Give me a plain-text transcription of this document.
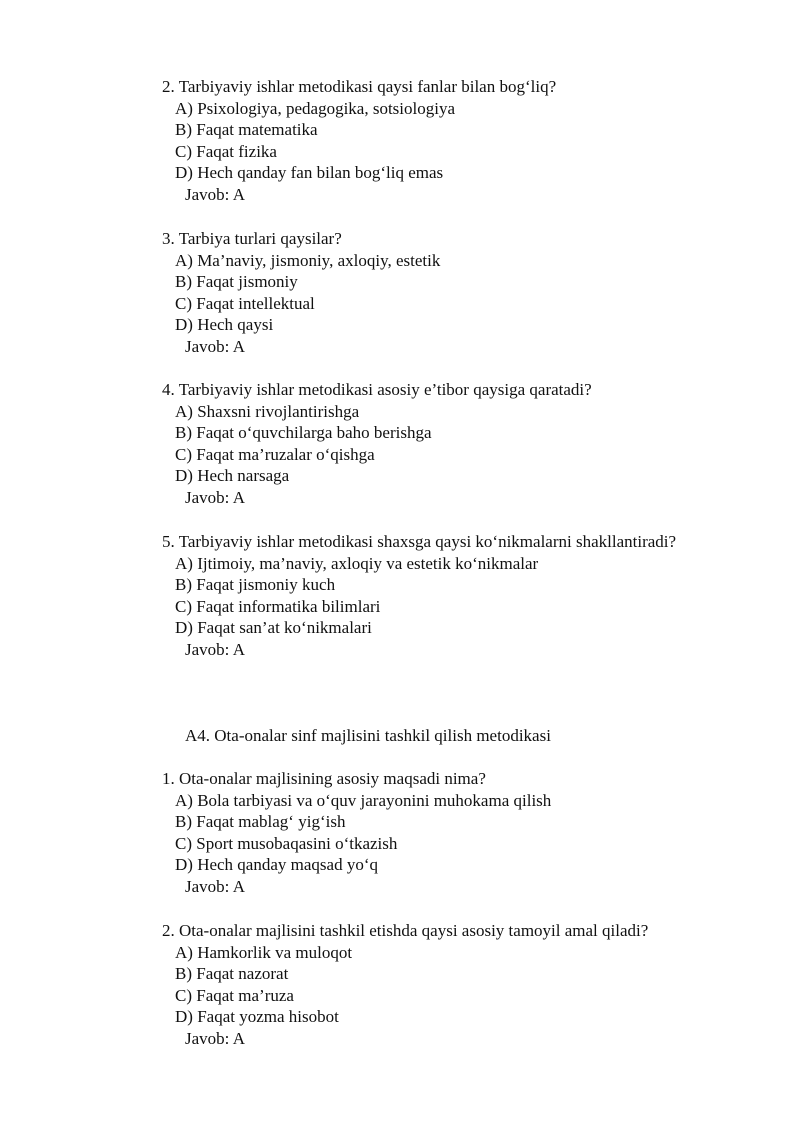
2. Tarbiyaviy ishlar metodikasi qaysi fanlar bilan bog‘liq?
A) Psixologiya, pedagogika, sotsiologiya
B) Faqat matematika
C) Faqat fizika
D) Hech qanday fan bilan bog‘liq emas
Javob: A
3. Tarbiya turlari qaysilar?
A) Ma’naviy, jismoniy, axloqiy, estetik
B) Faqat jismoniy
C) Faqat intellektual
D) Hech qaysi
Javob: A
4. Tarbiyaviy ishlar metodikasi asosiy e’tibor qaysiga qaratadi?
A) Shaxsni rivojlantirishga
B) Faqat o‘quvchilarga baho berishga
C) Faqat ma’ruzalar o‘qishga
D) Hech narsaga
Javob: A
5. Tarbiyaviy ishlar metodikasi shaxsga qaysi ko‘nikmalarni shakllantiradi?
A) Ijtimoiy, ma’naviy, axloqiy va estetik ko‘nikmalar
B) Faqat jismoniy kuch
C) Faqat informatika bilimlari
D) Faqat san’at ko‘nikmalari
Javob: A
A4. Ota-onalar sinf majlisini tashkil qilish metodikasi
1. Ota-onalar majlisining asosiy maqsadi nima?
A) Bola tarbiyasi va o‘quv jarayonini muhokama qilish
B) Faqat mablag‘ yig‘ish
C) Sport musobaqasini o‘tkazish
D) Hech qanday maqsad yo‘q
Javob: A
2. Ota-onalar majlisini tashkil etishda qaysi asosiy tamoyil amal qiladi?
A) Hamkorlik va muloqot
B) Faqat nazorat
C) Faqat ma’ruza
D) Faqat yozma hisobot
Javob: A
